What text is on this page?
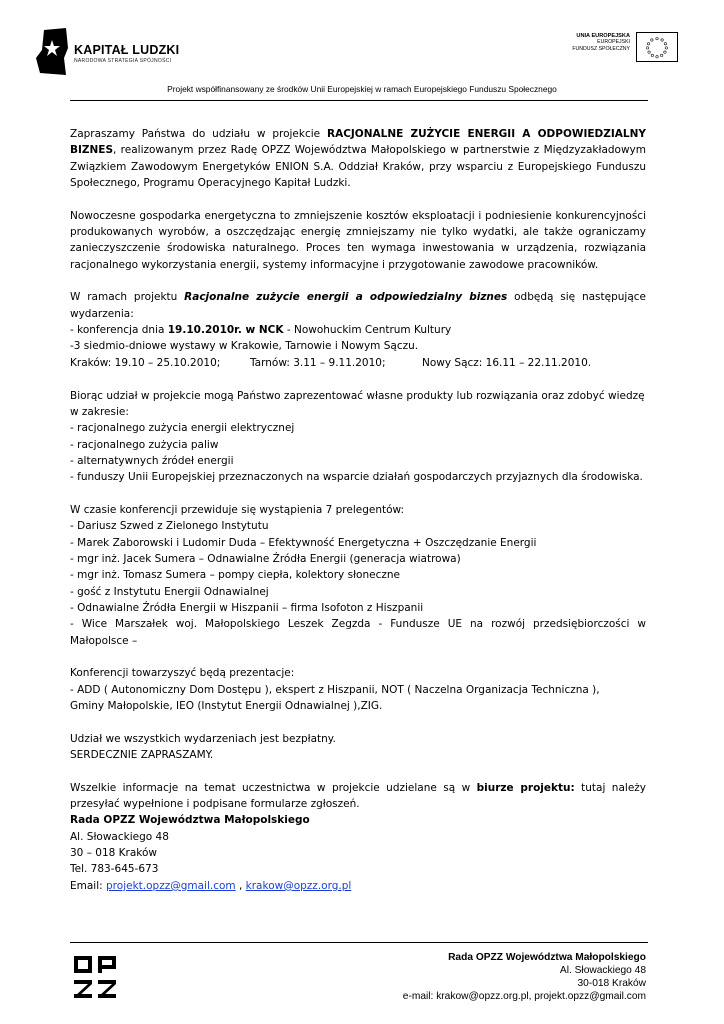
KAPITAŁ LUDZKI
NARODOWA STRATEGIA SPÓJNOŚCI
UNIA EUROPEJSKA
EUROPEJSKI
FUNDUSZ SPOŁECZNY
Projekt współfinansowany ze środków Unii Europejskiej w ramach Europejskiego Funduszu Społecznego

Zapraszamy Państwa do udziału w projekcie RACJONALNE ZUŻYCIE ENERGII A ODPOWIEDZIALNY BIZNES, realizowanym przez Radę OPZZ Województwa Małopolskiego w partnerstwie z Międzyzakładowym Związkiem Zawodowym Energetyków ENION S.A. Oddział Kraków, przy wsparciu z Europejskiego Funduszu Społecznego, Programu Operacyjnego Kapitał Ludzki.

Nowoczesne gospodarka energetyczna to zmniejszenie kosztów eksploatacji i podniesienie konkurencyjności produkowanych wyrobów, a oszczędzając energię zmniejszamy nie tylko wydatki, ale także ograniczamy zanieczyszczenie środowiska naturalnego. Proces ten wymaga inwestowania w urządzenia, rozwiązania racjonalnego wykorzystania energii, systemy informacyjne i przygotowanie zawodowe pracowników.

W ramach projektu Racjonalne zużycie energii a odpowiedzialny biznes odbędą się następujące wydarzenia:
- konferencja dnia 19.10.2010r. w NCK - Nowohuckim Centrum Kultury
-3 siedmio-dniowe wystawy w Krakowie, Tarnowie i Nowym Sączu.
Kraków: 19.10 – 25.10.2010;	Tarnów: 3.11 – 9.11.2010;	Nowy Sącz: 16.11 – 22.11.2010.

Biorąc udział w projekcie mogą Państwo zaprezentować własne produkty lub rozwiązania oraz zdobyć wiedzę w zakresie:
- racjonalnego zużycia energii elektrycznej
- racjonalnego zużycia paliw
- alternatywnych źródeł energii
- funduszy Unii Europejskiej przeznaczonych na wsparcie działań gospodarczych przyjaznych dla środowiska.

W czasie konferencji przewiduje się wystąpienia 7 prelegentów:
- Dariusz Szwed z Zielonego Instytutu
- Marek Zaborowski i Ludomir Duda – Efektywność Energetyczna + Oszczędzanie Energii
- mgr inż. Jacek Sumera – Odnawialne Źródła Energii (generacja wiatrowa)
- mgr inż. Tomasz Sumera – pompy ciepła, kolektory słoneczne
- gość z Instytutu Energii Odnawialnej
- Odnawialne Źródła Energii w Hiszpanii – firma Isofoton z Hiszpanii
- Wice Marszałek woj. Małopolskiego Leszek Zegzda - Fundusze UE na rozwój przedsiębiorczości w Małopolsce –

Konferencji towarzyszyć będą prezentacje:
- ADD ( Autonomiczny Dom Dostępu ), ekspert z Hiszpanii, NOT ( Naczelna Organizacja Techniczna ),
Gminy Małopolskie, IEO (Instytut Energii Odnawialnej ),ZIG.

Udział we wszystkich wydarzeniach jest bezpłatny.
SERDECZNIE ZAPRASZAMY.

Wszelkie informacje na temat uczestnictwa w projekcie udzielane są w biurze projektu: tutaj należy przesyłać wypełnione i podpisane formularze zgłoszeń.
Rada OPZZ Województwa Małopolskiego
Al. Słowackiego 48
30 – 018 Kraków
Tel. 783-645-673
Email: projekt.opzz@gmail.com , krakow@opzz.org.pl

Rada OPZZ Województwa Małopolskiego
Al. Słowackiego 48
30-018 Kraków
e-mail: krakow@opzz.org.pl, projekt.opzz@gmail.com
